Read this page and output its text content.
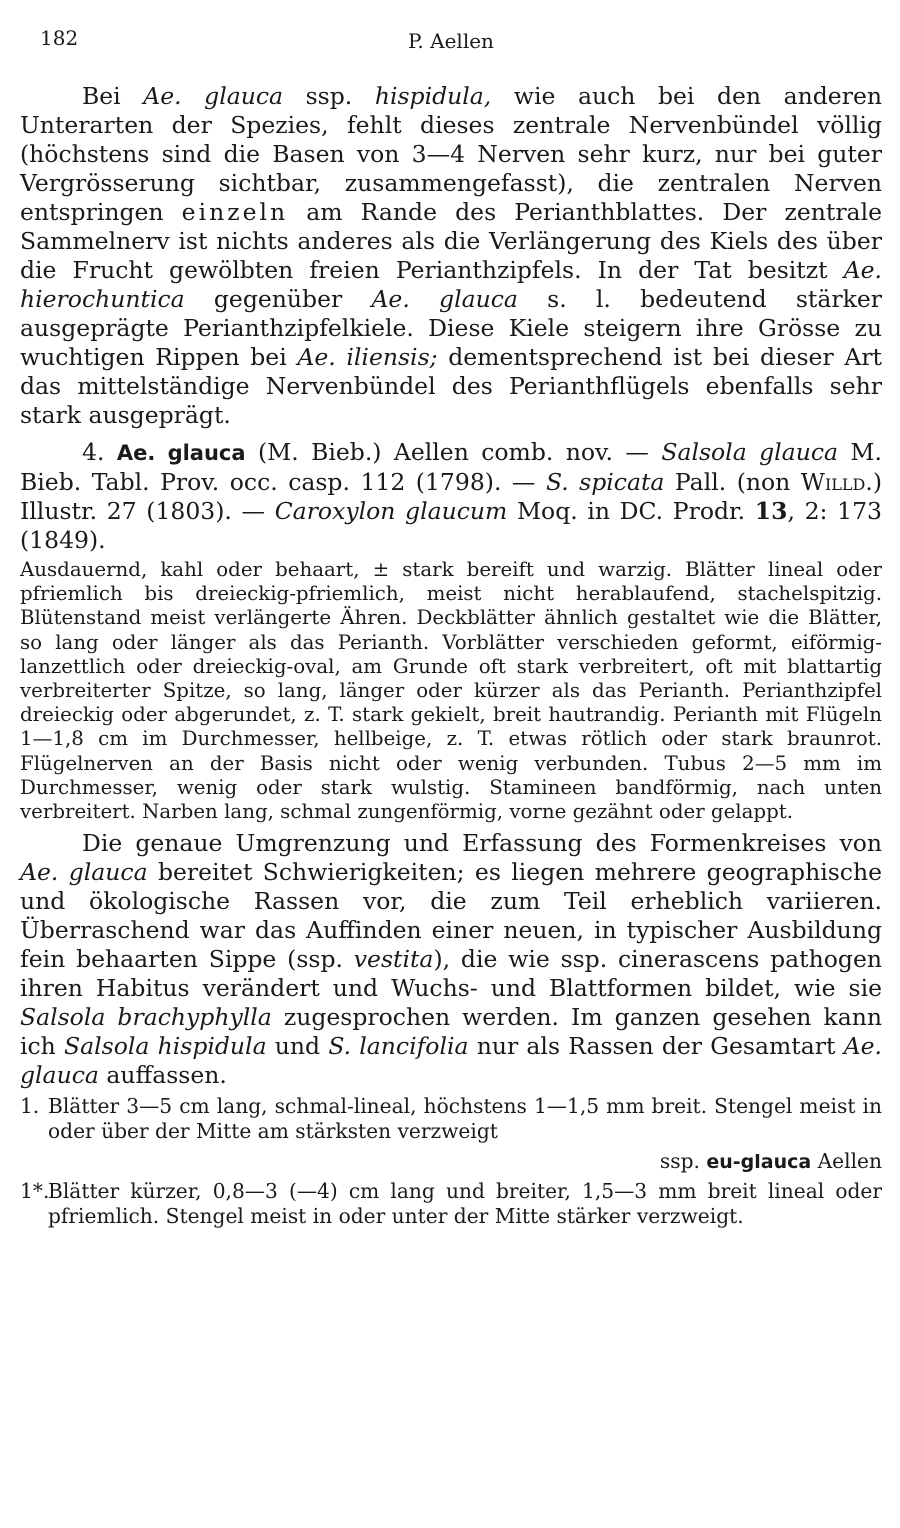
182	P. Aellen

Bei Ae. glauca ssp. hispidula, wie auch bei den anderen Unterarten der Spezies, fehlt dieses zentrale Nervenbündel völlig (höchstens sind die Basen von 3—4 Nerven sehr kurz, nur bei guter Vergrösserung sichtbar, zusammengefasst), die zentralen Nerven entspringen einzeln am Rande des Perianthblattes. Der zentrale Sammelnerv ist nichts anderes als die Verlängerung des Kiels des über die Frucht gewölbten freien Perianthzipfels. In der Tat besitzt Ae. hierochuntica gegenüber Ae. glauca s. l. bedeutend stärker ausgeprägte Perianthzipfelkiele. Diese Kiele steigern ihre Grösse zu wuchtigen Rippen bei Ae. iliensis; dementsprechend ist bei dieser Art das mittelständige Nervenbündel des Perianthflügels ebenfalls sehr stark ausgeprägt.

4. Ae. glauca (M. Bieb.) Aellen comb. nov. — Salsola glauca M. Bieb. Tabl. Prov. occ. casp. 112 (1798). — S. spicata Pall. (non Willd.) Illustr. 27 (1803). — Caroxylon glaucum Moq. in DC. Prodr. 13, 2: 173 (1849).

Ausdauernd, kahl oder behaart, ± stark bereift und warzig. Blätter lineal oder pfriemlich bis dreieckig-pfriemlich, meist nicht herablaufend, stachelspitzig. Blütenstand meist verlängerte Ähren. Deckblätter ähnlich gestaltet wie die Blätter, so lang oder länger als das Perianth. Vorblätter verschieden geformt, eiförmig-lanzettlich oder dreieckig-oval, am Grunde oft stark verbreitert, oft mit blattartig verbreiterter Spitze, so lang, länger oder kürzer als das Perianth. Perianthzipfel dreieckig oder abgerundet, z. T. stark gekielt, breit hautrandig. Perianth mit Flügeln 1—1,8 cm im Durchmesser, hellbeige, z. T. etwas rötlich oder stark braunrot. Flügelnerven an der Basis nicht oder wenig verbunden. Tubus 2—5 mm im Durchmesser, wenig oder stark wulstig. Stamineen bandförmig, nach unten verbreitert. Narben lang, schmal zungenförmig, vorne gezähnt oder gelappt.

Die genaue Umgrenzung und Erfassung des Formenkreises von Ae. glauca bereitet Schwierigkeiten; es liegen mehrere geographische und ökologische Rassen vor, die zum Teil erheblich variieren. Überraschend war das Auffinden einer neuen, in typischer Ausbildung fein behaarten Sippe (ssp. vestita), die wie ssp. cinerascens pathogen ihren Habitus verändert und Wuchs- und Blattformen bildet, wie sie Salsola brachyphylla zugesprochen werden. Im ganzen gesehen kann ich Salsola hispidula und S. lancifolia nur als Rassen der Gesamtart Ae. glauca auffassen.

1. Blätter 3—5 cm lang, schmal-lineal, höchstens 1—1,5 mm breit. Stengel meist in oder über der Mitte am stärksten verzweigt
ssp. eu-glauca Aellen
1*.
Blätter kürzer, 0,8—3 (—4) cm lang und breiter, 1,5—3 mm breit lineal oder pfriemlich. Stengel meist in oder unter der Mitte stärker verzweigt.
